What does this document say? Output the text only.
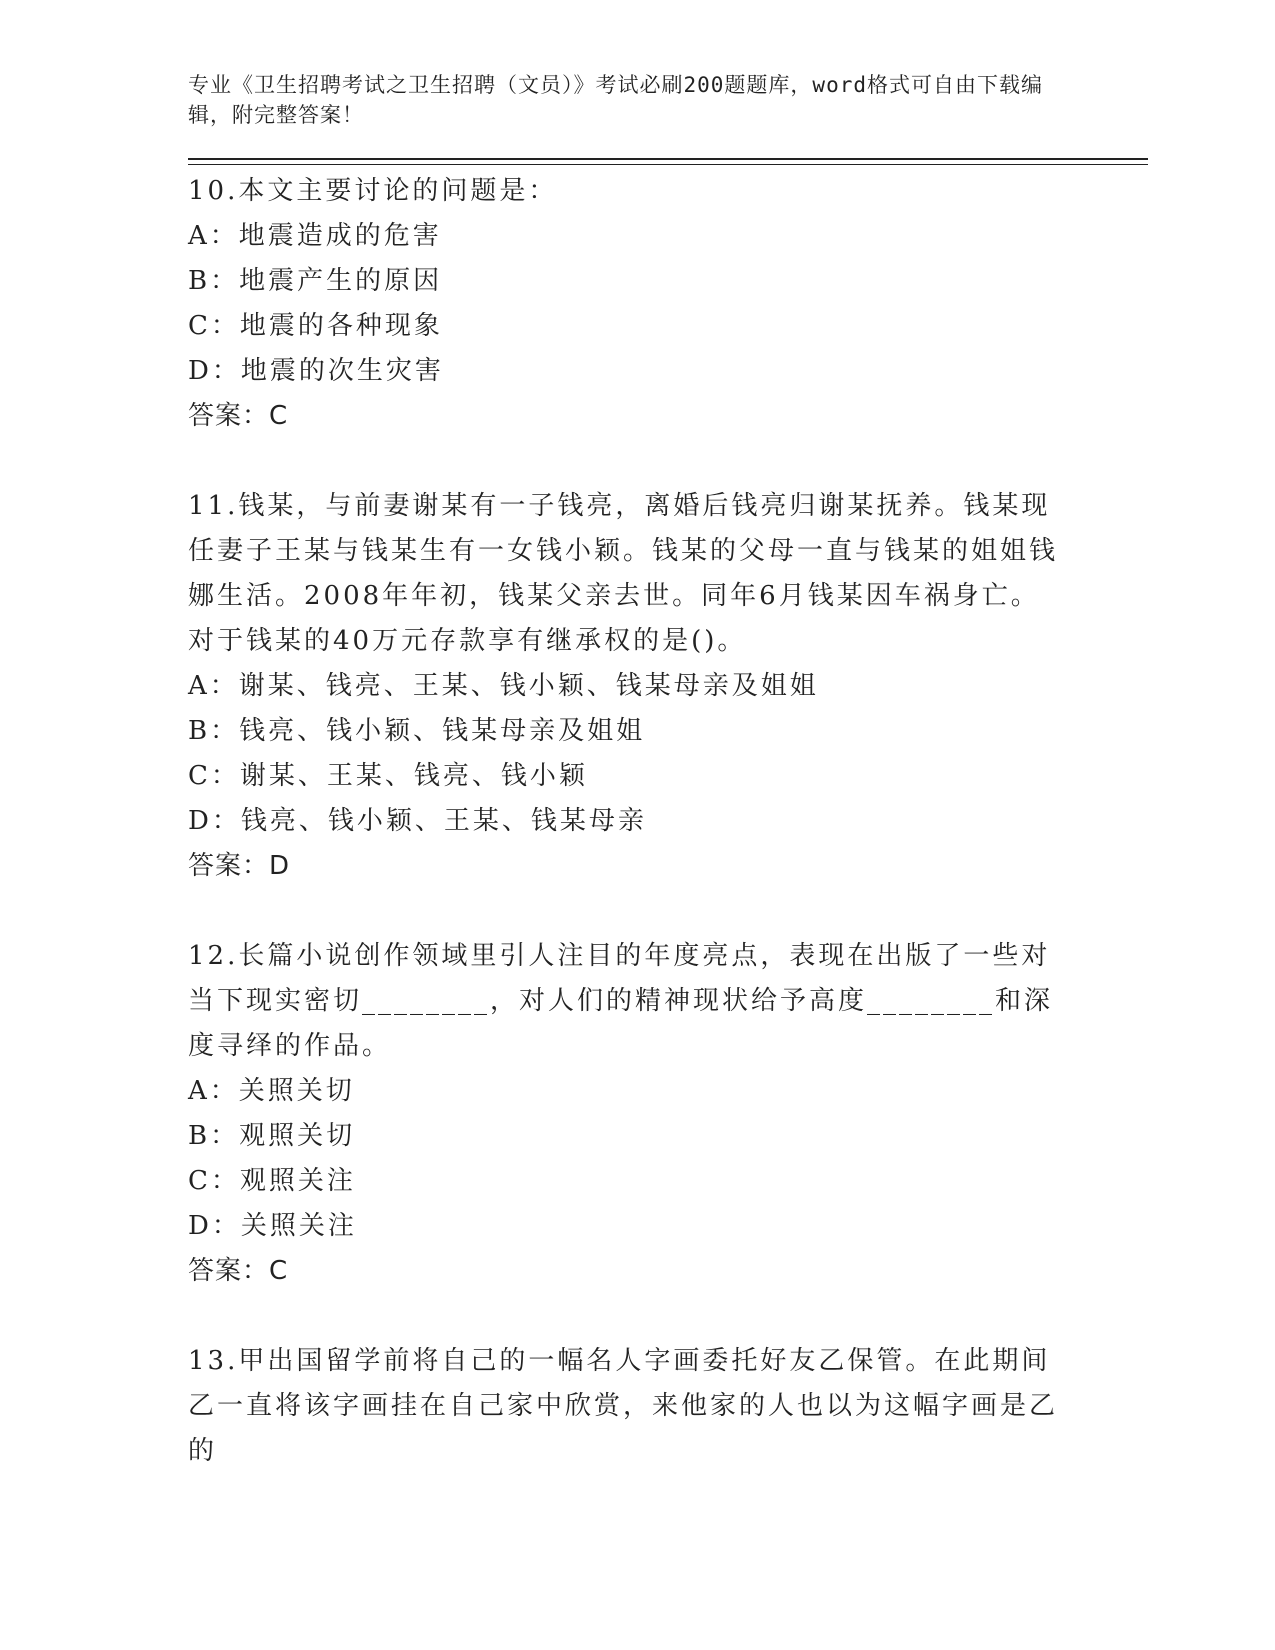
专业《卫生招聘考试之卫生招聘（文员）》考试必刷200题题库，word格式可自由下载编辑，附完整答案！
10.本文主要讨论的问题是：
A：地震造成的危害
B：地震产生的原因
C：地震的各种现象
D：地震的次生灾害
答案：C
11.钱某，与前妻谢某有一子钱亮，离婚后钱亮归谢某抚养。钱某现任妻子王某与钱某生有一女钱小颖。钱某的父母一直与钱某的姐姐钱娜生活。2008年年初，钱某父亲去世。同年6月钱某因车祸身亡。对于钱某的40万元存款享有继承权的是()。
A：谢某、钱亮、王某、钱小颖、钱某母亲及姐姐
B：钱亮、钱小颖、钱某母亲及姐姐
C：谢某、王某、钱亮、钱小颖
D：钱亮、钱小颖、王某、钱某母亲
答案：D
12.长篇小说创作领域里引人注目的年度亮点，表现在出版了一些对当下现实密切________，对人们的精神现状给予高度________和深度寻绎的作品。
A：关照关切
B：观照关切
C：观照关注
D：关照关注
答案：C
13.甲出国留学前将自己的一幅名人字画委托好友乙保管。在此期间乙一直将该字画挂在自己家中欣赏，来他家的人也以为这幅字画是乙的
